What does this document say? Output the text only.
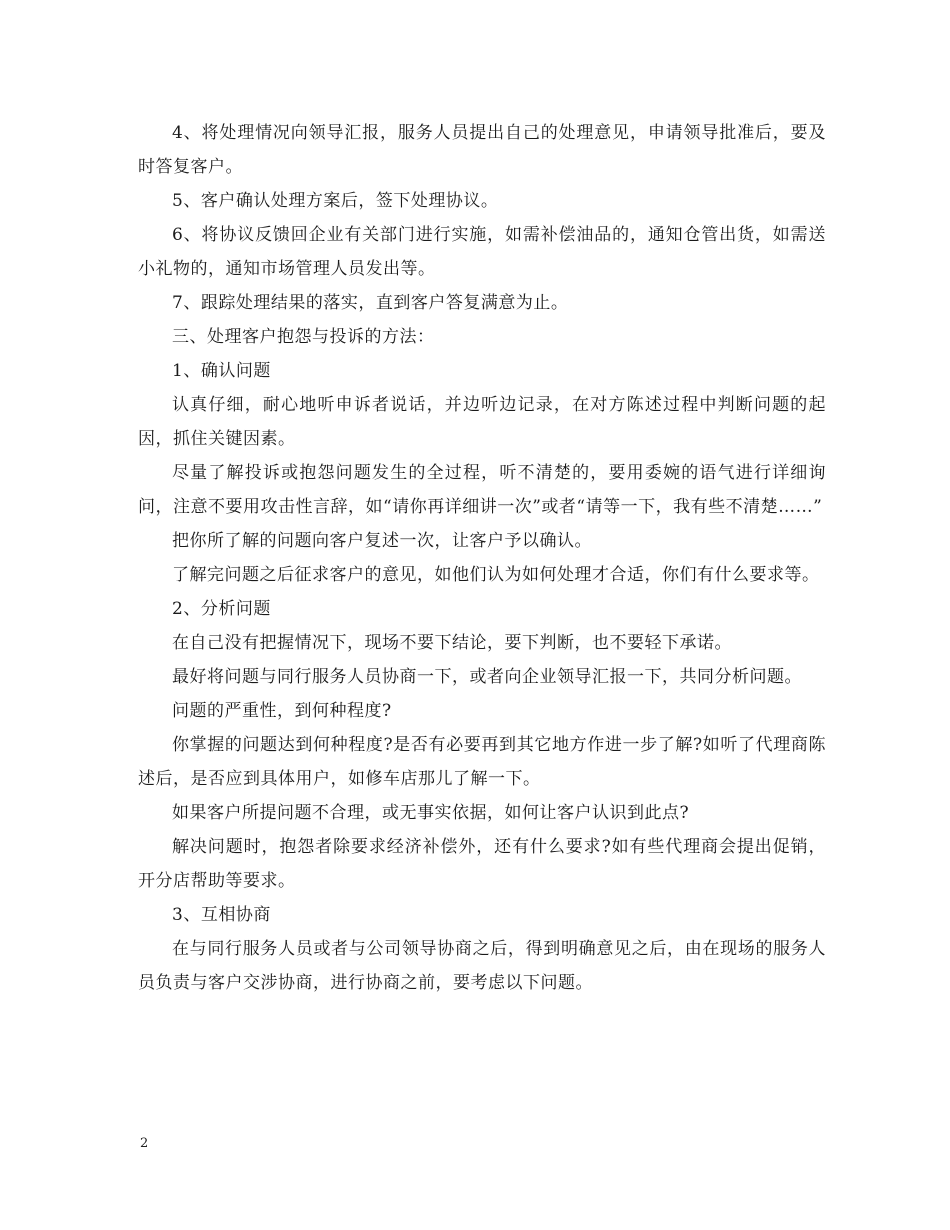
4、将处理情况向领导汇报，服务人员提出自己的处理意见，申请领导批准后，要及时答复客户。

5、客户确认处理方案后，签下处理协议。

6、将协议反馈回企业有关部门进行实施，如需补偿油品的，通知仓管出货，如需送小礼物的，通知市场管理人员发出等。

7、跟踪处理结果的落实，直到客户答复满意为止。

三、处理客户抱怨与投诉的方法：

1、确认问题

认真仔细，耐心地听申诉者说话，并边听边记录，在对方陈述过程中判断问题的起因，抓住关键因素。

尽量了解投诉或抱怨问题发生的全过程，听不清楚的，要用委婉的语气进行详细询问，注意不要用攻击性言辞，如“请你再详细讲一次”或者“请等一下，我有些不清楚……”

把你所了解的问题向客户复述一次，让客户予以确认。

了解完问题之后征求客户的意见，如他们认为如何处理才合适，你们有什么要求等。

2、分析问题

在自己没有把握情况下，现场不要下结论，要下判断，也不要轻下承诺。

最好将问题与同行服务人员协商一下，或者向企业领导汇报一下，共同分析问题。

问题的严重性，到何种程度?

你掌握的问题达到何种程度?是否有必要再到其它地方作进一步了解?如听了代理商陈述后，是否应到具体用户，如修车店那儿了解一下。

如果客户所提问题不合理，或无事实依据，如何让客户认识到此点?

解决问题时，抱怨者除要求经济补偿外，还有什么要求?如有些代理商会提出促销，开分店帮助等要求。

3、互相协商

在与同行服务人员或者与公司领导协商之后，得到明确意见之后，由在现场的服务人员负责与客户交涉协商，进行协商之前，要考虑以下问题。

2
